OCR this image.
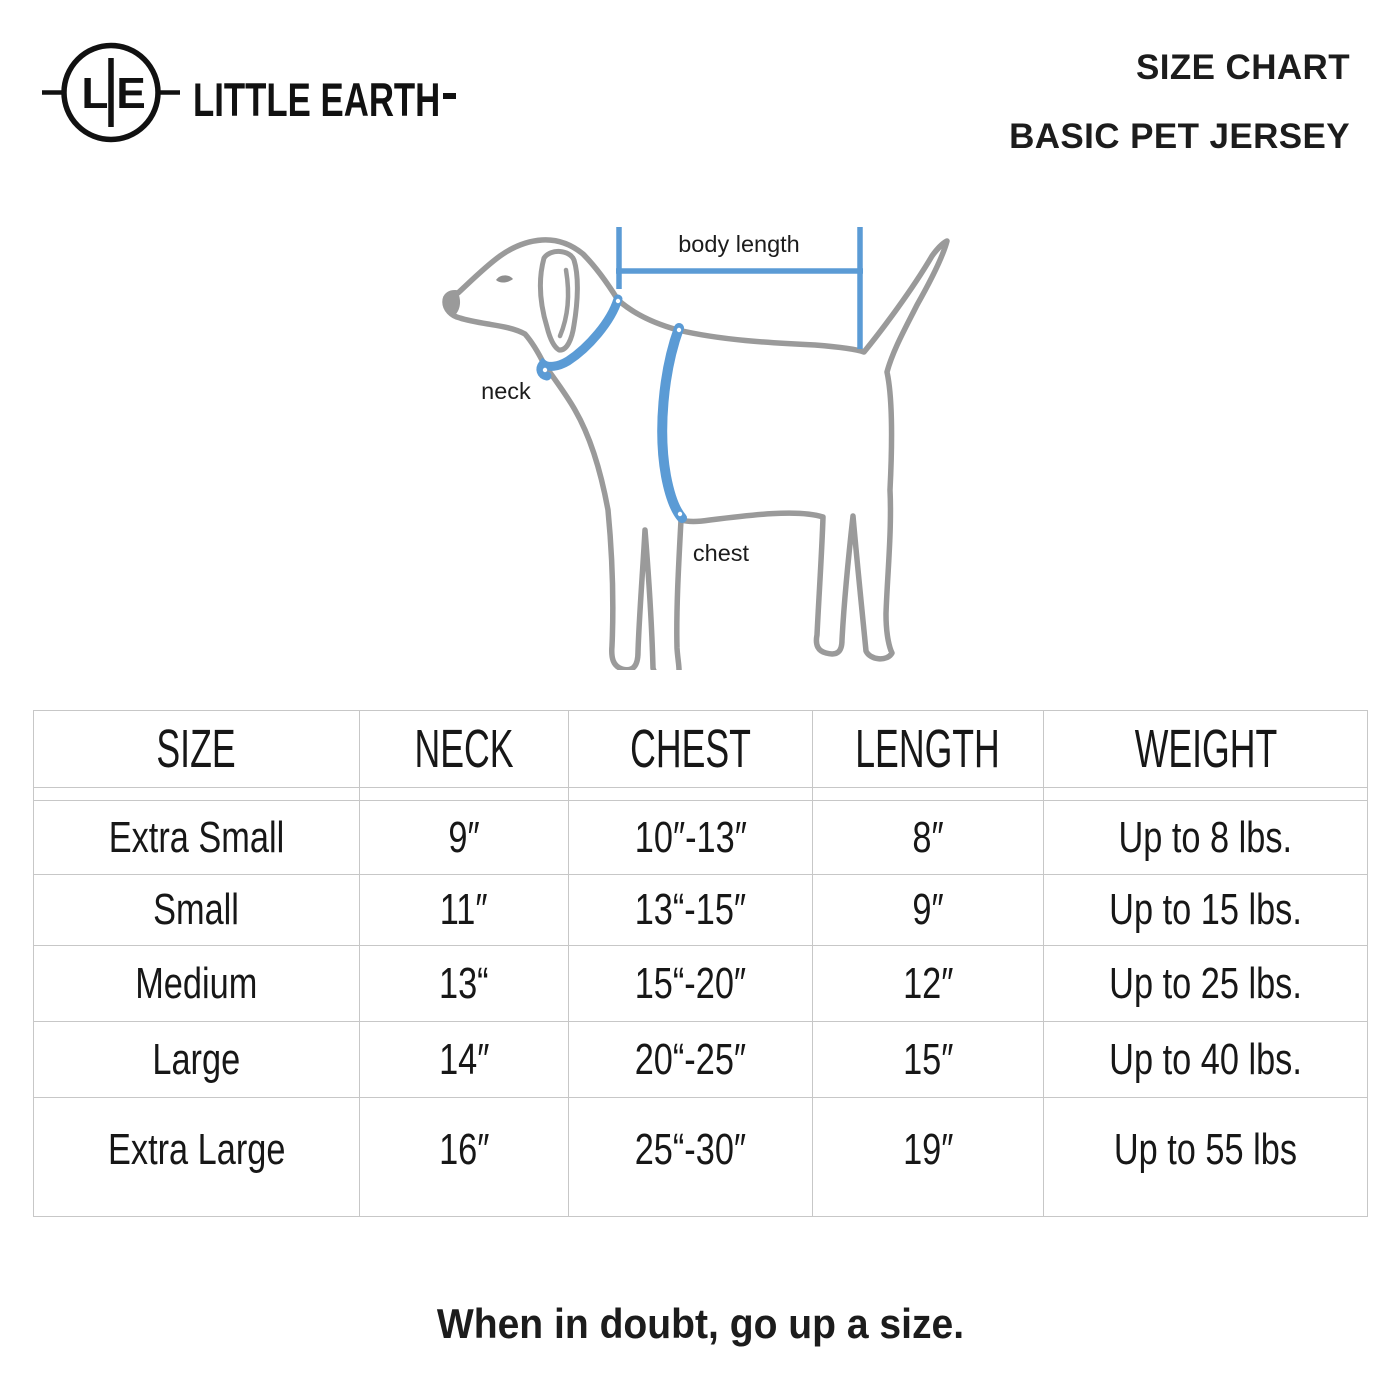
L E LITTLE EARTH
SIZE CHART
BASIC PET JERSEY
body length
neck
chest
SIZE	NECK	CHEST	LENGTH	WEIGHT

Extra Small	9″	10″-13″	8″	Up to 8 lbs.
Small	11″	13“-15″	9″	Up to 15 lbs.
Medium	13“	15“-20″	12″	Up to 25 lbs.
Large	14″	20“-25″	15″	Up to 40 lbs.
Extra Large	16″	25“-30″	19″	Up to 55 lbs
When in doubt, go up a size.
